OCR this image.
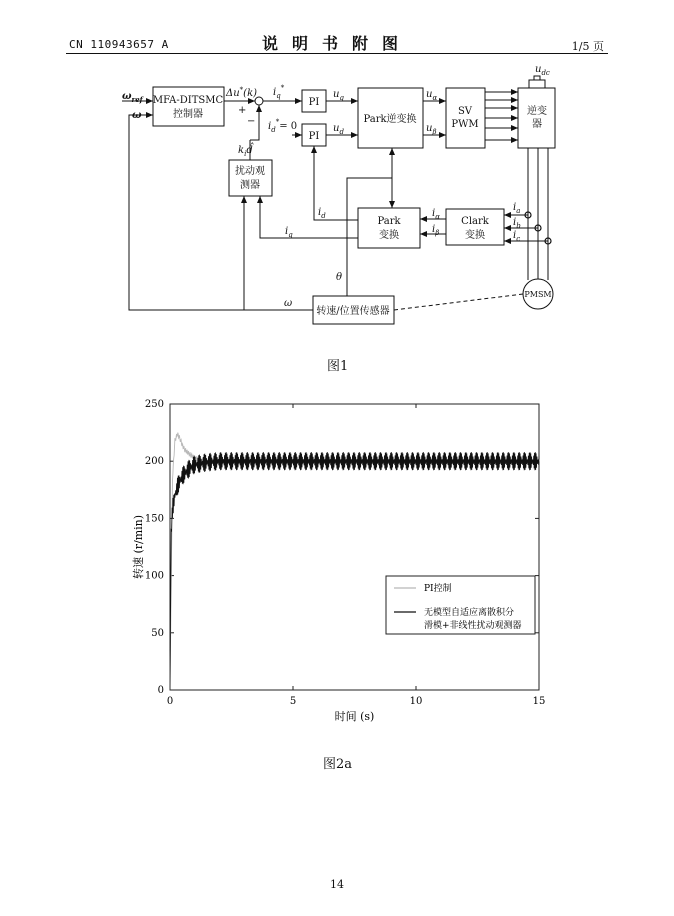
CN 110943657 A	说明书附图	1/5 页
MFA-DITSMC
控制器
PI
PI
Park逆变换
SV
PWM
逆变
器
扰动观
测器
Park
变换
Clark
变换
转速/位置传感器
PMSM
$\omega_{ref}$
ω
Δu*(k)
+
−
$i_q^*$
$i_d^*= 0$
$u_q$
$u_d$
$u_\alpha$
$u_\beta$
$u_{dc}$
$k_id̂$
$i_d$
$i_q$
$i_\alpha$
$i_\beta$
$i_a$
$i_b$
$i_c$
θ
ω
图1
0	5	10	15
0
50
100
150
200
250
时间 (s)
转速 (r/min)
PI控制
无模型自适应离散积分滑模+非线性扰动观测器
图2a
14
